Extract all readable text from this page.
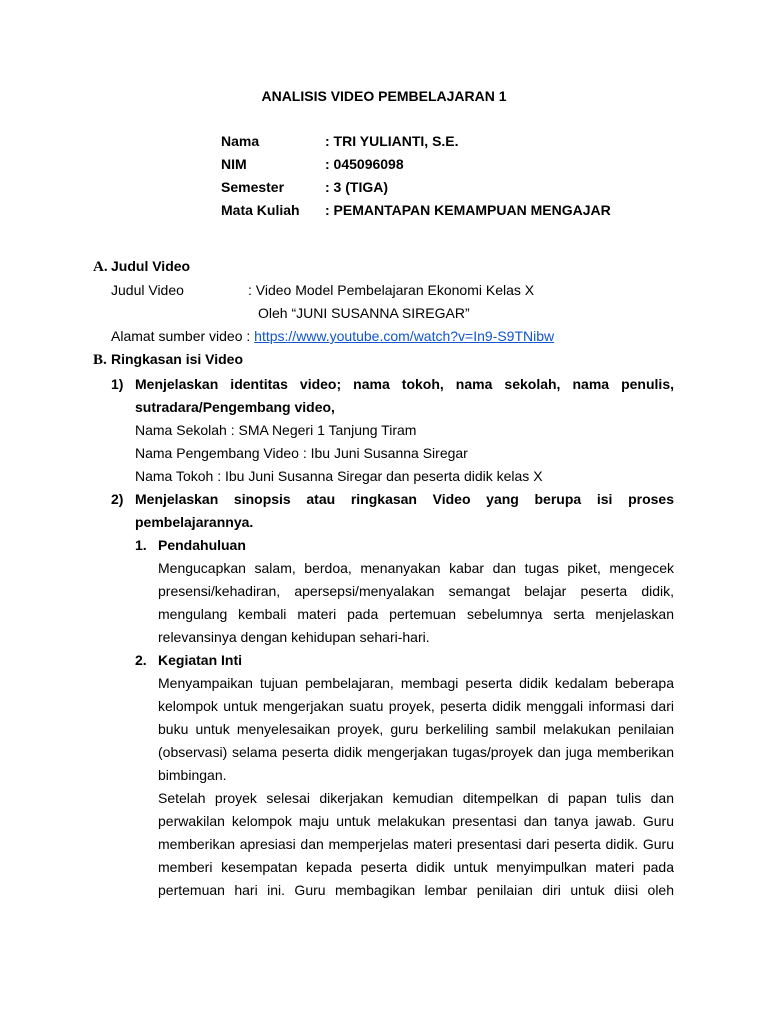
ANALISIS VIDEO PEMBELAJARAN 1
Nama	: TRI YULIANTI, S.E.
NIM	: 045096098
Semester	: 3 (TIGA)
Mata Kuliah : PEMANTAPAN KEMAMPUAN MENGAJAR
A. Judul Video
Judul Video	: Video Model Pembelajaran Ekonomi Kelas X
Oleh “JUNI SUSANNA SIREGAR”
Alamat sumber video : https://www.youtube.com/watch?v=In9-S9TNibw
B. Ringkasan isi Video
1) Menjelaskan identitas video; nama tokoh, nama sekolah, nama penulis,
sutradara/Pengembang video,
Nama Sekolah : SMA Negeri 1 Tanjung Tiram
Nama Pengembang Video : Ibu Juni Susanna Siregar
Nama Tokoh : Ibu Juni Susanna Siregar dan peserta didik kelas X
2) Menjelaskan sinopsis atau ringkasan Video yang berupa isi proses
pembelajarannya.
1. Pendahuluan
Mengucapkan salam, berdoa, menanyakan kabar dan tugas piket, mengecek
presensi/kehadiran, apersepsi/menyalakan semangat belajar peserta didik,
mengulang kembali materi pada pertemuan sebelumnya serta menjelaskan
relevansinya dengan kehidupan sehari-hari.
2. Kegiatan Inti
Menyampaikan tujuan pembelajaran, membagi peserta didik kedalam beberapa
kelompok untuk mengerjakan suatu proyek, peserta didik menggali informasi dari
buku untuk menyelesaikan proyek, guru berkeliling sambil melakukan penilaian
(observasi) selama peserta didik mengerjakan tugas/proyek dan juga memberikan
bimbingan.
Setelah proyek selesai dikerjakan kemudian ditempelkan di papan tulis dan
perwakilan kelompok maju untuk melakukan presentasi dan tanya jawab. Guru
memberikan apresiasi dan memperjelas materi presentasi dari peserta didik. Guru
memberi kesempatan kepada peserta didik untuk menyimpulkan materi pada
pertemuan hari ini. Guru membagikan lembar penilaian diri untuk diisi oleh
